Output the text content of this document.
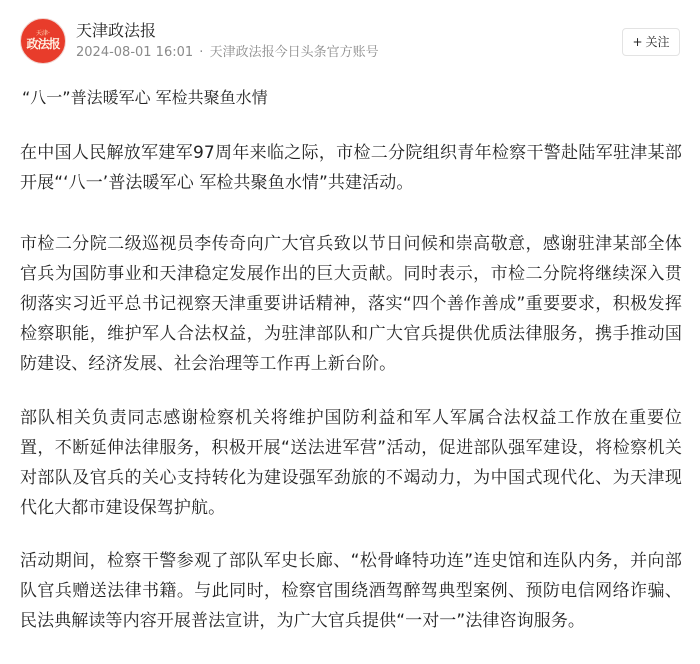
天津·
政法报
天津政法报
2024-08-01 16:01 · 天津政法报今日头条官方账号
+ 关注
“八一”普法暖军心 军检共聚鱼水情

在中国人民解放军建军97周年来临之际，市检二分院组织青年检察干警赴陆军驻津某部开展“‘八一’普法暖军心 军检共聚鱼水情”共建活动。

市检二分院二级巡视员李传奇向广大官兵致以节日问候和崇高敬意，感谢驻津某部全体官兵为国防事业和天津稳定发展作出的巨大贡献。同时表示，市检二分院将继续深入贯彻落实习近平总书记视察天津重要讲话精神，落实“四个善作善成”重要要求，积极发挥检察职能，维护军人合法权益，为驻津部队和广大官兵提供优质法律服务，携手推动国防建设、经济发展、社会治理等工作再上新台阶。

部队相关负责同志感谢检察机关将维护国防利益和军人军属合法权益工作放在重要位置，不断延伸法律服务，积极开展“送法进军营”活动，促进部队强军建设，将检察机关对部队及官兵的关心支持转化为建设强军劲旅的不竭动力，为中国式现代化、为天津现代化大都市建设保驾护航。

活动期间，检察干警参观了部队军史长廊、“松骨峰特功连”连史馆和连队内务，并向部队官兵赠送法律书籍。与此同时，检察官围绕酒驾醉驾典型案例、预防电信网络诈骗、民法典解读等内容开展普法宣讲，为广大官兵提供“一对一”法律咨询服务。
